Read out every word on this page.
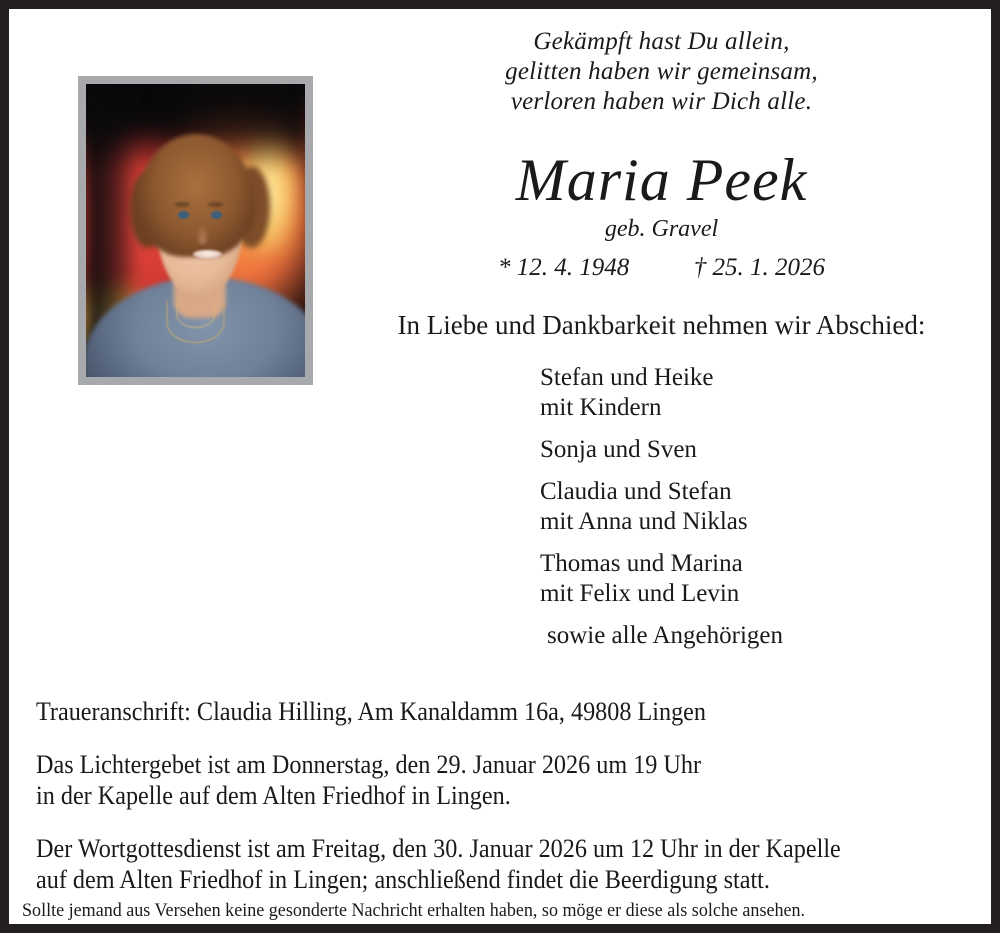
Gekämpft hast Du allein,
gelitten haben wir gemeinsam,
verloren haben wir Dich alle.
Maria Peek
geb. Gravel
* 12. 4. 1948	† 25. 1. 2026
In Liebe und Dankbarkeit nehmen wir Abschied:
Stefan und Heike
mit Kindern
Sonja und Sven
Claudia und Stefan
mit Anna und Niklas
Thomas und Marina
mit Felix und Levin
sowie alle Angehörigen
Traueranschrift: Claudia Hilling, Am Kanaldamm 16a, 49808 Lingen
Das Lichtergebet ist am Donnerstag, den 29. Januar 2026 um 19 Uhr
in der Kapelle auf dem Alten Friedhof in Lingen.
Der Wortgottesdienst ist am Freitag, den 30. Januar 2026 um 12 Uhr in der Kapelle
auf dem Alten Friedhof in Lingen; anschließend findet die Beerdigung statt.
Sollte jemand aus Versehen keine gesonderte Nachricht erhalten haben, so möge er diese als solche ansehen.
